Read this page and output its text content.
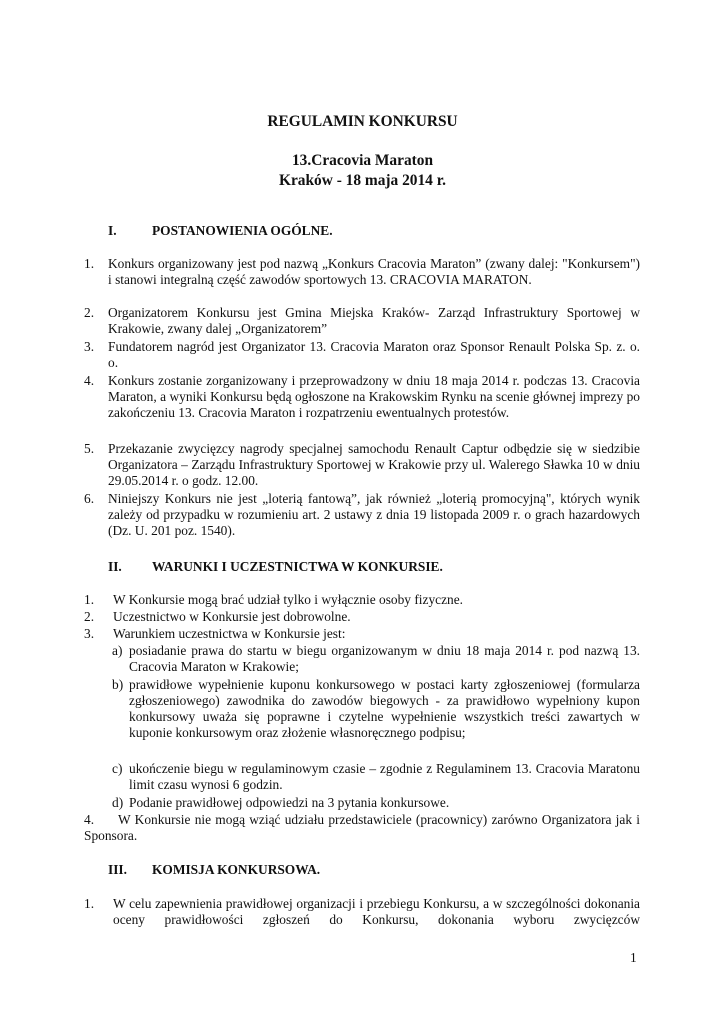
REGULAMIN KONKURSU
13.Cracovia Maraton
Kraków - 18 maja 2014 r.
I.	POSTANOWIENIA OGÓLNE.
1. Konkurs organizowany jest pod nazwą „Konkurs Cracovia Maraton” (zwany dalej: "Konkursem") i stanowi integralną część zawodów sportowych 13. CRACOVIA MARATON.
2. Organizatorem Konkursu jest Gmina Miejska Kraków- Zarząd Infrastruktury Sportowej w Krakowie, zwany dalej „Organizatorem”
3. Fundatorem nagród jest Organizator 13. Cracovia Maraton oraz Sponsor Renault Polska Sp. z. o. o.
4. Konkurs zostanie zorganizowany i przeprowadzony w dniu 18 maja 2014 r. podczas 13. Cracovia Maraton, a wyniki Konkursu będą ogłoszone na Krakowskim Rynku na scenie głównej imprezy po zakończeniu 13. Cracovia Maraton i rozpatrzeniu ewentualnych protestów.
5. Przekazanie zwycięzcy nagrody specjalnej samochodu Renault Captur odbędzie się w siedzibie Organizatora – Zarządu Infrastruktury Sportowej w Krakowie przy ul. Walerego Sławka 10 w dniu 29.05.2014 r. o godz. 12.00.
6. Niniejszy Konkurs nie jest „loterią fantową”, jak również „loterią promocyjną", których wynik zależy od przypadku w rozumieniu art. 2 ustawy z dnia 19 listopada 2009 r. o grach hazardowych (Dz. U. 201 poz. 1540).
II. WARUNKI I UCZESTNICTWA W KONKURSIE.
1. W Konkursie mogą brać udział tylko i wyłącznie osoby fizyczne.
2. Uczestnictwo w Konkursie jest dobrowolne.
3. Warunkiem uczestnictwa w Konkursie jest:
a) posiadanie prawa do startu w biegu organizowanym w dniu 18 maja 2014 r. pod nazwą 13. Cracovia Maraton w Krakowie;
b) prawidłowe wypełnienie kuponu konkursowego w postaci karty zgłoszeniowej (formularza zgłoszeniowego) zawodnika do zawodów biegowych - za prawidłowo wypełniony kupon konkursowy uważa się poprawne i czytelne wypełnienie wszystkich treści zawartych w kuponie konkursowym oraz złożenie własnoręcznego podpisu;
c) ukończenie biegu w regulaminowym czasie – zgodnie z Regulaminem 13. Cracovia Maratonu limit czasu wynosi 6 godzin.
d) Podanie prawidłowej odpowiedzi na 3 pytania konkursowe.
4. W Konkursie nie mogą wziąć udziału przedstawiciele (pracownicy) zarówno Organizatora jak i Sponsora.
III. KOMISJA KONKURSOWA.
1. W celu zapewnienia prawidłowej organizacji i przebiegu Konkursu, a w szczególności dokonania oceny prawidłowości zgłoszeń do Konkursu, dokonania wyboru zwycięzców
1
